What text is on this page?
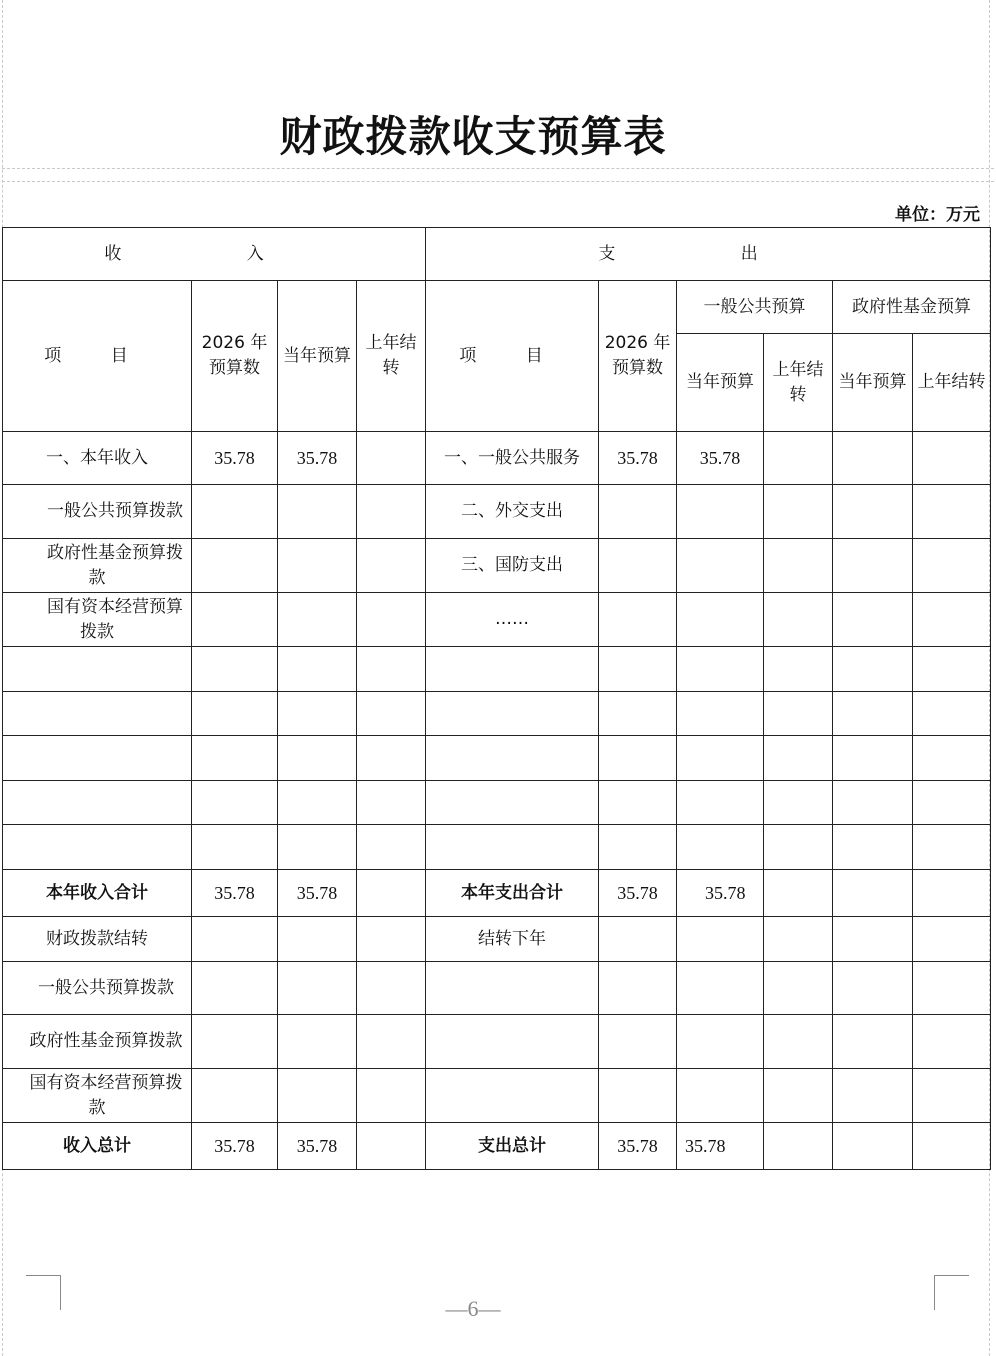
财政拨款收支预算表
单位：万元
收 入				支 出					
项 目	2026 年预算数	当年预算	上年结转	项 目	2026 年预算数	一般公共预算		政府性基金预算	
						当年预算	上年结转	当年预算	上年结转
一、本年收入	35.78	35.78		一、一般公共服务	35.78	35.78			
一般公共预算拨款				二、外交支出					
政府性基金预算拨款				三、国防支出					
国有资本经营预算拨款				……					

本年收入合计	35.78	35.78		本年支出合计	35.78	35.78			
财政拨款结转				结转下年					
一般公共预算拨款									
政府性基金预算拨款									
国有资本经营预算拨款									
收入总计	35.78	35.78		支出总计	35.78	35.78			
—6—
